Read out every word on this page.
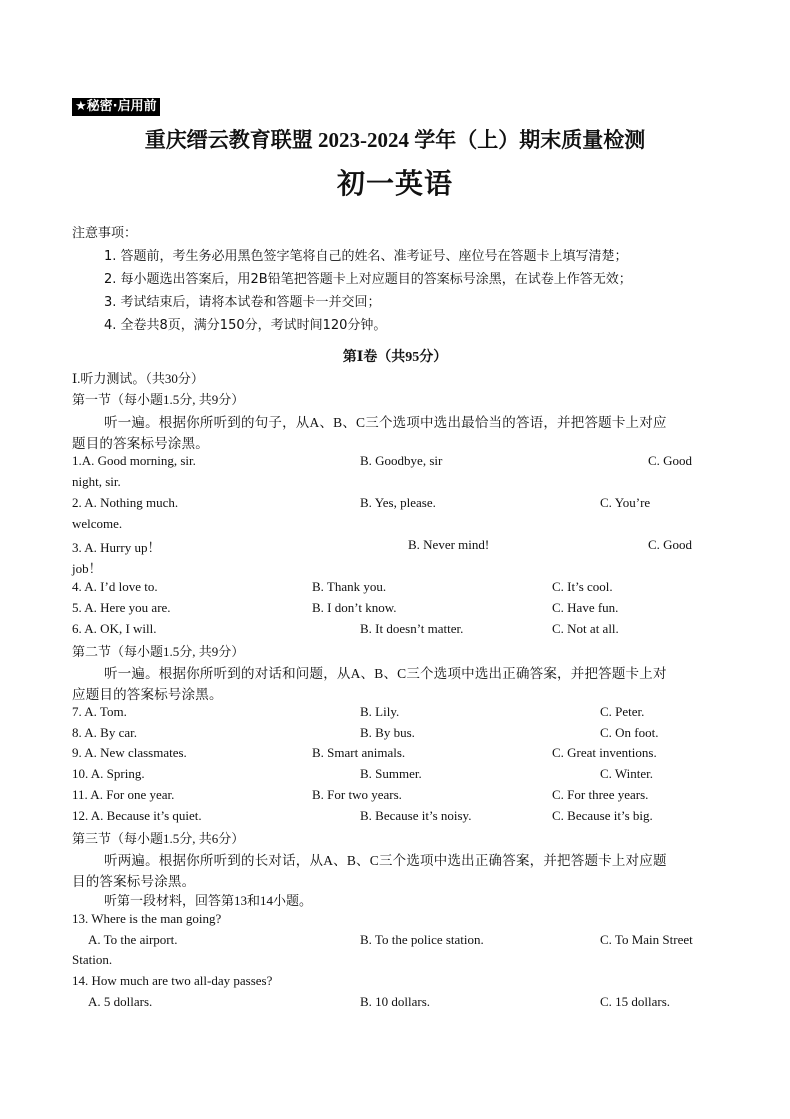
★秘密·启用前
重庆缙云教育联盟 2023-2024 学年（上）期末质量检测
初一英语
注意事项：
1. 答题前，考生务必用黑色签字笔将自己的姓名、准考证号、座位号在答题卡上填写清楚；
2. 每小题选出答案后，用2B铅笔把答题卡上对应题目的答案标号涂黑，在试卷上作答无效；
3. 考试结束后，请将本试卷和答题卡一并交回；
4. 全卷共8页，满分150分，考试时间120分钟。
第Ⅰ卷（共95分）
Ⅰ.听力测试。（共30分）
第一节（每小题1.5分, 共9分）
听一遍。根据你所听到的句子，从A、B、C三个选项中选出最恰当的答语，并把答题卡上对应
题目的答案标号涂黑。
1.A. Good morning, sir.	B. Goodbye, sir	C. Good
night, sir.
2. A. Nothing much.	B. Yes, please.	C. You’re
welcome.
3. A. Hurry up！	B. Never mind!	C. Good
job！
4. A. I’d love to.	B. Thank you.	C. It’s cool.
5. A. Here you are.	B. I don’t know.	C. Have fun.
6. A. OK, I will.	B. It doesn’t matter.	C. Not at all.
第二节（每小题1.5分, 共9分）
听一遍。根据你所听到的对话和问题，从A、B、C三个选项中选出正确答案，并把答题卡上对
应题目的答案标号涂黑。
7. A. Tom.	B. Lily.	C. Peter.
8. A. By car.	B. By bus.	C. On foot.
9. A. New classmates.	B. Smart animals.	C. Great inventions.
10. A. Spring.	B. Summer.	C. Winter.
11. A. For one year.	B. For two years.	C. For three years.
12. A. Because it’s quiet.	B. Because it’s noisy.	C. Because it’s big.
第三节（每小题1.5分, 共6分）
听两遍。根据你所听到的长对话，从A、B、C三个选项中选出正确答案，并把答题卡上对应题
目的答案标号涂黑。
听第一段材料，回答第13和14小题。
13. Where is the man going?
A. To the airport.	B. To the police station.	C. To Main Street
Station.
14. How much are two all-day passes?
A. 5 dollars.	B. 10 dollars.	C. 15 dollars.
